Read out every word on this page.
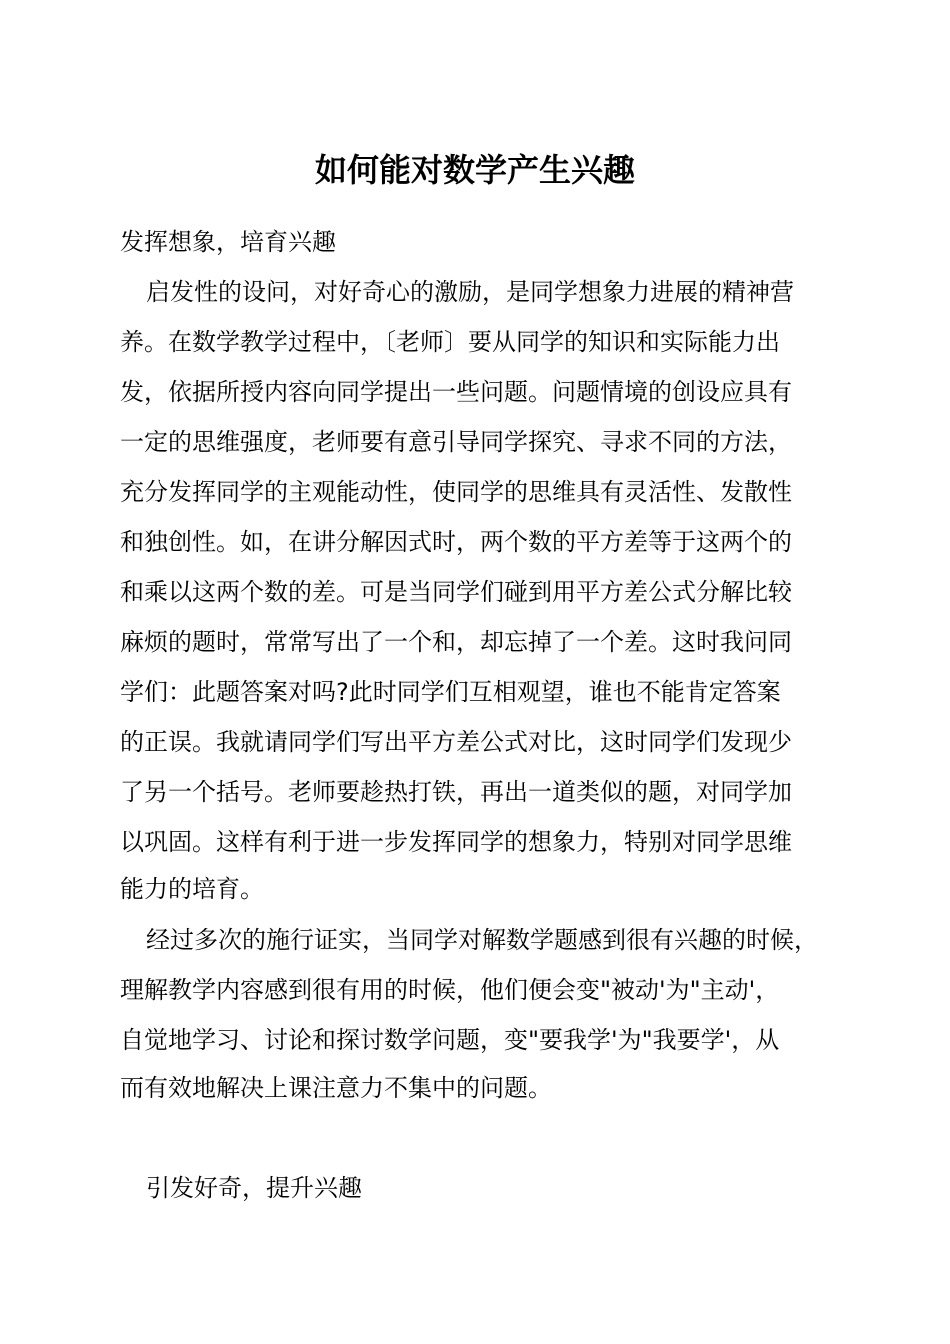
如何能对数学产生兴趣

发挥想象，培育兴趣

启发性的设问，对好奇心的激励，是同学想象力进展的精神营

养。在数学教学过程中，〔老师〕要从同学的知识和实际能力出

发，依据所授内容向同学提出一些问题。问题情境的创设应具有

一定的思维强度，老师要有意引导同学探究、寻求不同的方法，

充分发挥同学的主观能动性，使同学的思维具有灵活性、发散性

和独创性。如，在讲分解因式时，两个数的平方差等于这两个的

和乘以这两个数的差。可是当同学们碰到用平方差公式分解比较

麻烦的题时，常常写出了一个和，却忘掉了一个差。这时我问同

学们：此题答案对吗?此时同学们互相观望，谁也不能肯定答案

的正误。我就请同学们写出平方差公式对比，这时同学们发现少

了另一个括号。老师要趁热打铁，再出一道类似的题，对同学加

以巩固。这样有利于进一步发挥同学的想象力，特别对同学思维

能力的培育。

经过多次的施行证实，当同学对解数学题感到很有兴趣的时候，

理解教学内容感到很有用的时候，他们便会变"被动'为"主动'，

自觉地学习、讨论和探讨数学问题，变"要我学'为"我要学'，从

而有效地解决上课注意力不集中的问题。

引发好奇，提升兴趣
